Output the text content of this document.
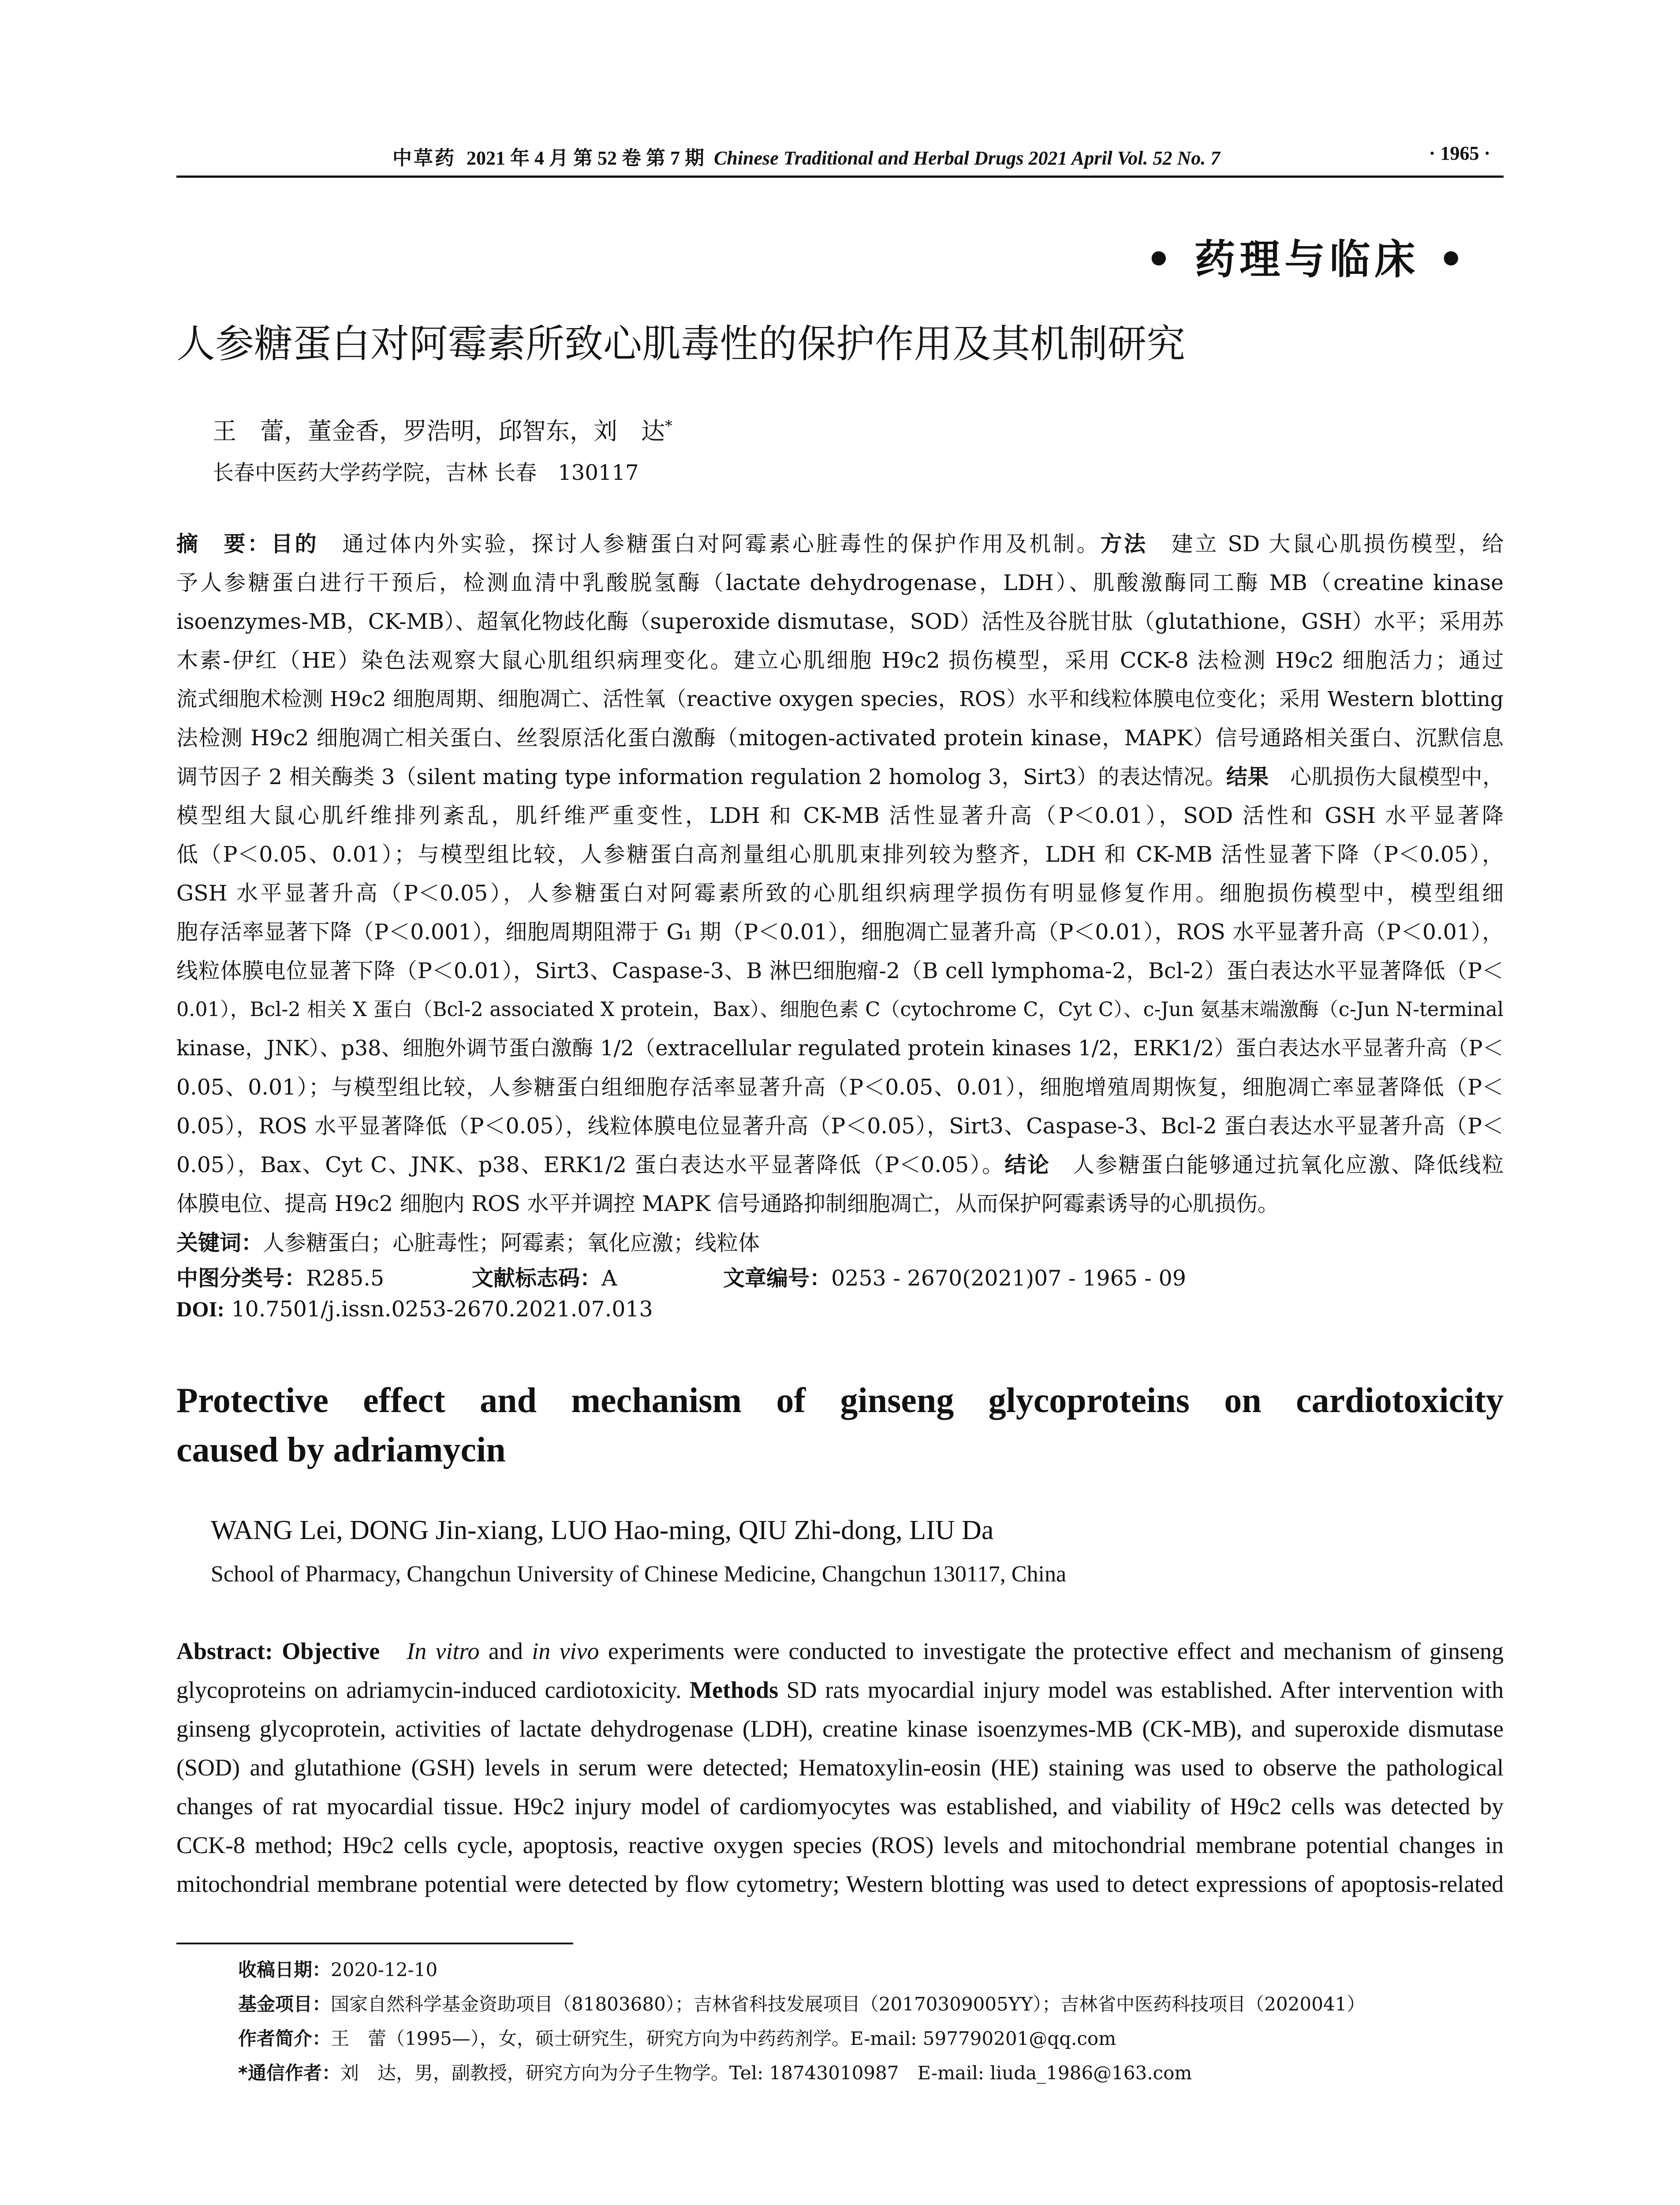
中草药 2021 年 4 月 第 52 卷 第 7 期 Chinese Traditional and Herbal Drugs 2021 April Vol. 52 No. 7	· 1965 ·
• 药理与临床 •
人参糖蛋白对阿霉素所致心肌毒性的保护作用及其机制研究
王　蕾，董金香，罗浩明，邱智东，刘　达*
长春中医药大学药学院，吉林 长春　130117
摘　要：目的　通过体内外实验，探讨人参糖蛋白对阿霉素心脏毒性的保护作用及机制。方法　建立 SD 大鼠心肌损伤模型，给
予人参糖蛋白进行干预后，检测血清中乳酸脱氢酶（lactate dehydrogenase，LDH）、肌酸激酶同工酶 MB（creatine kinase
isoenzymes-MB，CK-MB）、超氧化物歧化酶（superoxide dismutase，SOD）活性及谷胱甘肽（glutathione，GSH）水平；采用苏
木素-伊红（HE）染色法观察大鼠心肌组织病理变化。建立心肌细胞 H9c2 损伤模型，采用 CCK-8 法检测 H9c2 细胞活力；通过
流式细胞术检测 H9c2 细胞周期、细胞凋亡、活性氧（reactive oxygen species，ROS）水平和线粒体膜电位变化；采用 Western blotting
法检测 H9c2 细胞凋亡相关蛋白、丝裂原活化蛋白激酶（mitogen-activated protein kinase，MAPK）信号通路相关蛋白、沉默信息
调节因子 2 相关酶类 3（silent mating type information regulation 2 homolog 3，Sirt3）的表达情况。结果　心肌损伤大鼠模型中，
模型组大鼠心肌纤维排列紊乱，肌纤维严重变性，LDH 和 CK-MB 活性显著升高（P＜0.01），SOD 活性和 GSH 水平显著降
低（P＜0.05、0.01）；与模型组比较，人参糖蛋白高剂量组心肌肌束排列较为整齐，LDH 和 CK-MB 活性显著下降（P＜0.05），
GSH 水平显著升高（P＜0.05），人参糖蛋白对阿霉素所致的心肌组织病理学损伤有明显修复作用。细胞损伤模型中，模型组细
胞存活率显著下降（P＜0.001），细胞周期阻滞于 G₁ 期（P＜0.01），细胞凋亡显著升高（P＜0.01），ROS 水平显著升高（P＜0.01），
线粒体膜电位显著下降（P＜0.01），Sirt3、Caspase-3、B 淋巴细胞瘤-2（B cell lymphoma-2，Bcl-2）蛋白表达水平显著降低（P＜
0.01），Bcl-2 相关 X 蛋白（Bcl-2 associated X protein，Bax）、细胞色素 C（cytochrome C，Cyt C）、c-Jun 氨基末端激酶（c-Jun N-terminal
kinase，JNK）、p38、细胞外调节蛋白激酶 1/2（extracellular regulated protein kinases 1/2，ERK1/2）蛋白表达水平显著升高（P＜
0.05、0.01）；与模型组比较，人参糖蛋白组细胞存活率显著升高（P＜0.05、0.01），细胞增殖周期恢复，细胞凋亡率显著降低（P＜
0.05），ROS 水平显著降低（P＜0.05），线粒体膜电位显著升高（P＜0.05），Sirt3、Caspase-3、Bcl-2 蛋白表达水平显著升高（P＜
0.05），Bax、Cyt C、JNK、p38、ERK1/2 蛋白表达水平显著降低（P＜0.05）。结论　人参糖蛋白能够通过抗氧化应激、降低线粒
体膜电位、提高 H9c2 细胞内 ROS 水平并调控 MAPK 信号通路抑制细胞凋亡，从而保护阿霉素诱导的心肌损伤。
关键词：人参糖蛋白；心脏毒性；阿霉素；氧化应激；线粒体
中图分类号：R285.5	文献标志码：A	文章编号：0253 - 2670(2021)07 - 1965 - 09
DOI: 10.7501/j.issn.0253-2670.2021.07.013
Protective effect and mechanism of ginseng glycoproteins on cardiotoxicity
caused by adriamycin
WANG Lei, DONG Jin-xiang, LUO Hao-ming, QIU Zhi-dong, LIU Da
School of Pharmacy, Changchun University of Chinese Medicine, Changchun 130117, China
Abstract: Objective In vitro and in vivo experiments were conducted to investigate the protective effect and mechanism of ginseng
glycoproteins on adriamycin-induced cardiotoxicity. Methods SD rats myocardial injury model was established. After intervention with
ginseng glycoprotein, activities of lactate dehydrogenase (LDH), creatine kinase isoenzymes-MB (CK-MB), and superoxide dismutase
(SOD) and glutathione (GSH) levels in serum were detected; Hematoxylin-eosin (HE) staining was used to observe the pathological
changes of rat myocardial tissue. H9c2 injury model of cardiomyocytes was established, and viability of H9c2 cells was detected by
CCK-8 method; H9c2 cells cycle, apoptosis, reactive oxygen species (ROS) levels and mitochondrial membrane potential changes in
mitochondrial membrane potential were detected by flow cytometry; Western blotting was used to detect expressions of apoptosis-related
收稿日期：2020-12-10
基金项目：国家自然科学基金资助项目（81803680）；吉林省科技发展项目（20170309005YY）；吉林省中医药科技项目（2020041）
作者简介：王　蕾（1995—），女，硕士研究生，研究方向为中药药剂学。E-mail: 597790201@qq.com
*通信作者：刘　达，男，副教授，研究方向为分子生物学。Tel: 18743010987　E-mail: liuda_1986@163.com
